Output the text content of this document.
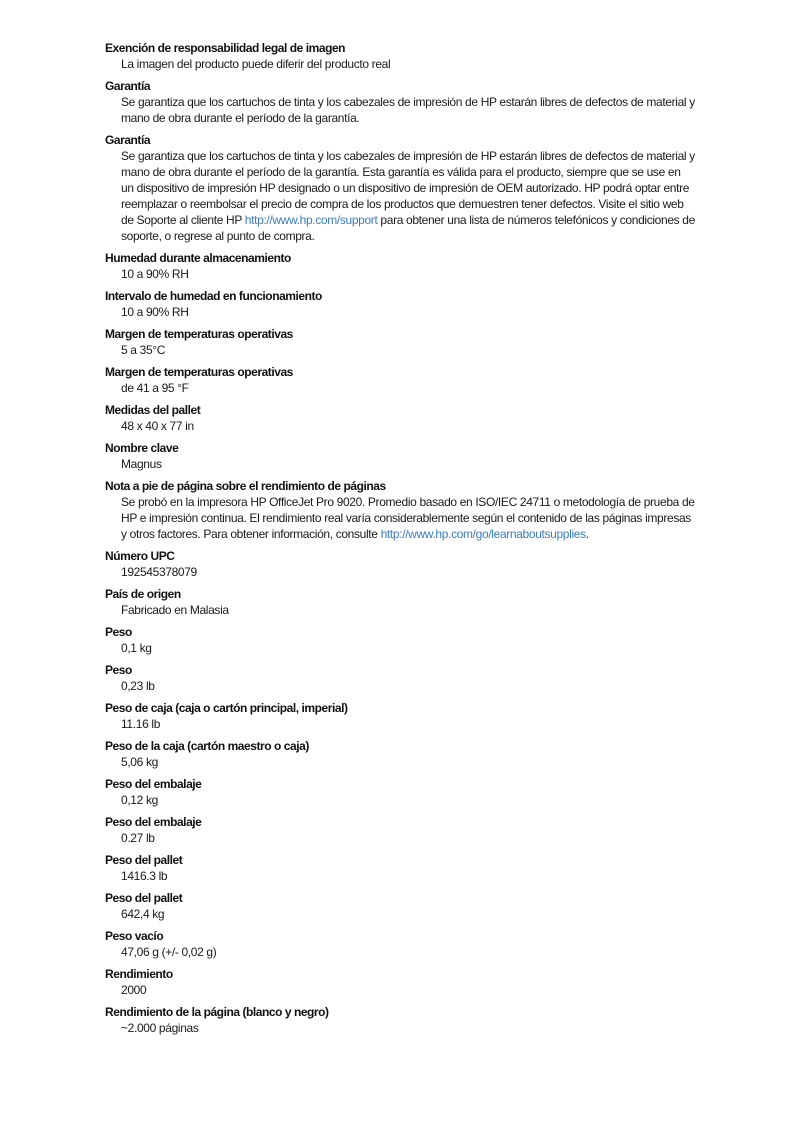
Exención de responsabilidad legal de imagen
La imagen del producto puede diferir del producto real
Garantía
Se garantiza que los cartuchos de tinta y los cabezales de impresión de HP estarán libres de defectos de material y mano de obra durante el período de la garantía.
Garantía
Se garantiza que los cartuchos de tinta y los cabezales de impresión de HP estarán libres de defectos de material y mano de obra durante el período de la garantía. Esta garantía es válida para el producto, siempre que se use en un dispositivo de impresión HP designado o un dispositivo de impresión de OEM autorizado. HP podrá optar entre reemplazar o reembolsar el precio de compra de los productos que demuestren tener defectos. Visite el sitio web de Soporte al cliente HP http://www.hp.com/support para obtener una lista de números telefónicos y condiciones de soporte, o regrese al punto de compra.
Humedad durante almacenamiento
10 a 90% RH
Intervalo de humedad en funcionamiento
10 a 90% RH
Margen de temperaturas operativas
5 a 35°C
Margen de temperaturas operativas
de 41 a 95 °F
Medidas del pallet
48 x 40 x 77 in
Nombre clave
Magnus
Nota a pie de página sobre el rendimiento de páginas
Se probó en la impresora HP OfficeJet Pro 9020. Promedio basado en ISO/IEC 24711 o metodología de prueba de HP e impresión continua. El rendimiento real varía considerablemente según el contenido de las páginas impresas y otros factores. Para obtener información, consulte http://www.hp.com/go/learnaboutsupplies.
Número UPC
192545378079
País de origen
Fabricado en Malasia
Peso
0,1 kg
Peso
0,23 lb
Peso de caja (caja o cartón principal, imperial)
11.16 lb
Peso de la caja (cartón maestro o caja)
5,06 kg
Peso del embalaje
0,12 kg
Peso del embalaje
0.27 lb
Peso del pallet
1416.3 lb
Peso del pallet
642,4 kg
Peso vacío
47,06 g (+/- 0,02 g)
Rendimiento
2000
Rendimiento de la página (blanco y negro)
~2.000 páginas
